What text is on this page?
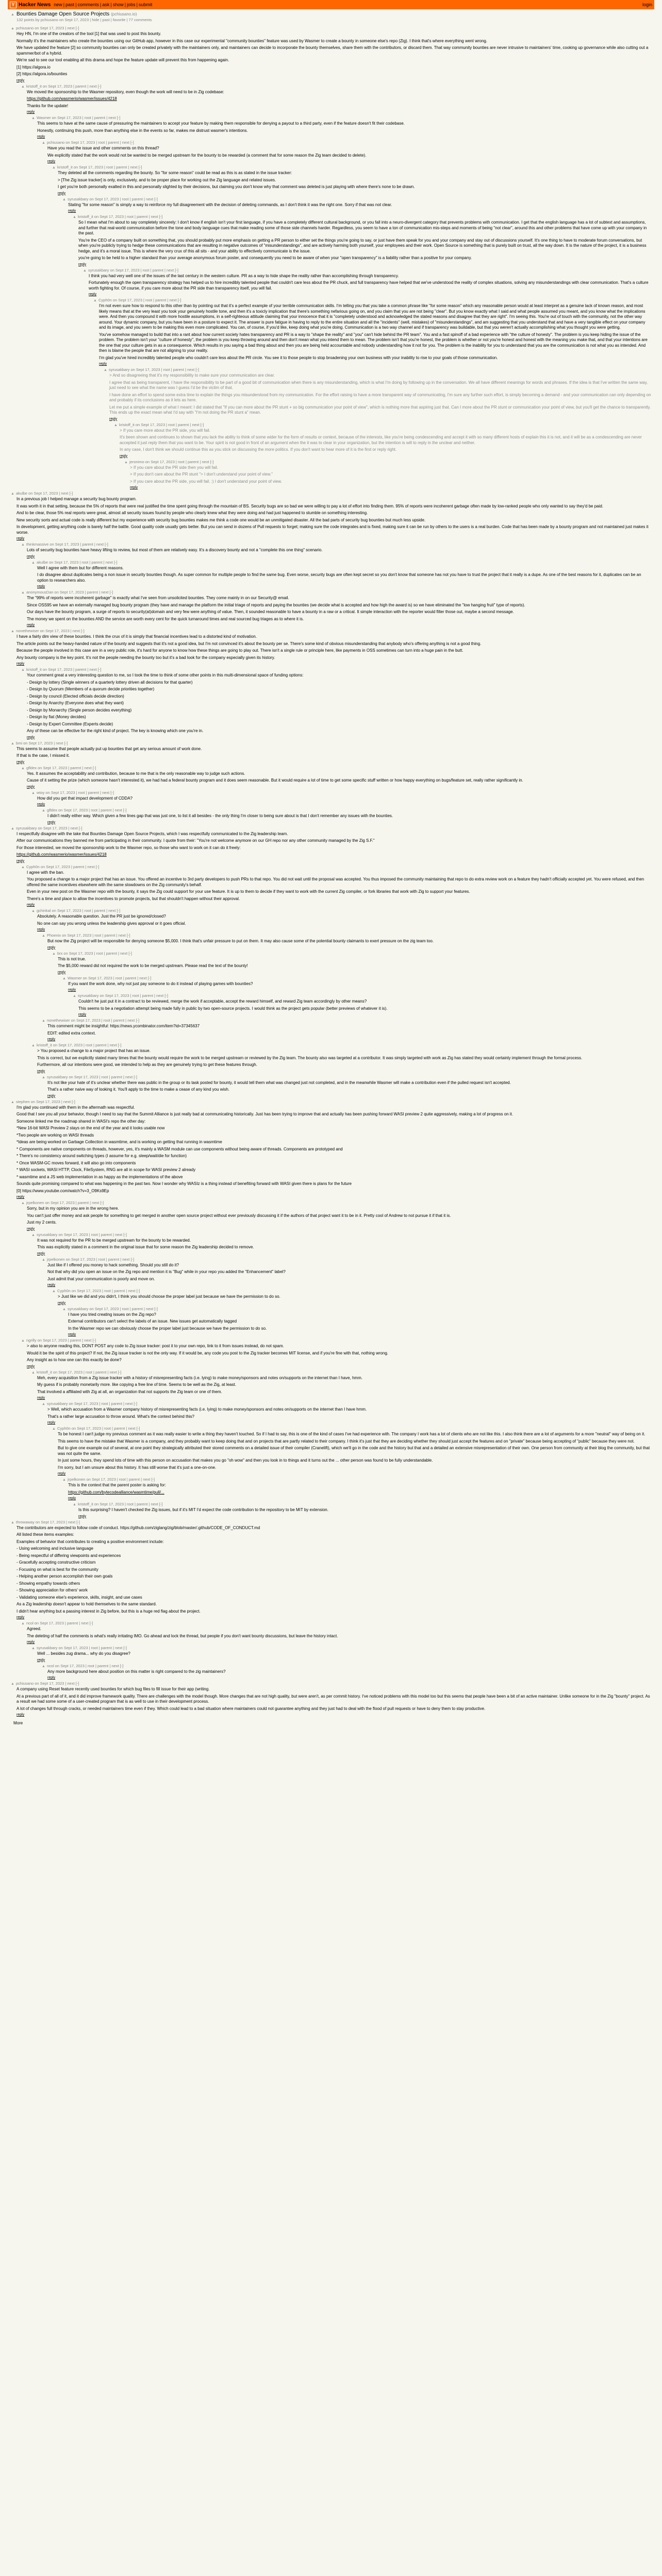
Y Hacker News new | past | comments | ask | show | jobs | submit	login
▲ Bounties Damage Open Source Projects (pchiusano.io)
132 points by pchiusano on Sept 17, 2023 | hide | past | favorite | 77 comments
▲ pchiusano on Sept 17, 2023 | next [-]

Hey HN, I'm one of the creators of the tool [1] that was used to post this bounty.

Normally it's the maintainers who create the bounties using our GitHub app, however in this case our experimental "community bounties" feature was used by Wasmer to create a bounty in someone else's repo (Zig). I think that's where everything went wrong.

We have updated the feature [2] so community bounties can only be created privately with the maintainers only, and maintainers can decide to incorporate the bounty themselves, share them with the contributors, or discard them. That way community bounties are never intrusive to maintainers' time, cooking up governance while also cutting out a spammer/bot of a hybrid.

We're sad to see our tool enabling all this drama and hope the feature update will prevent this from happening again.

[1] https://algora.io

[2] https://algora.io/bounties

reply
▲ kristoff_it on Sept 17, 2023 | parent | next [-]

We moved the sponsorship to the Wasmer repository, even though the work will need to be in Zig codebase:

https://github.com/wasmerio/wasmer/issues/4218

Thanks for the update!

reply
▲ Wasmer on Sept 17, 2023 | root | parent | next [-]

This seems to have at the same cause of pressuring the maintainers to accept your feature by making them responsible for denying a payout to a third party, even if the feature doesn't fit their codebase.

Honestly, continuing this push, more than anything else in the events so far, makes me distrust wasmer's intentions.

reply
▲ pchiusano on Sept 17, 2023 | root | parent | next [-]

Have you read the issue and other comments on this thread?

We explicitly stated that the work would not be wanted to be merged upstream for the bounty to be rewarded (a comment that for some reason the Zig team decided to delete).

reply
▲ kristoff_it on Sept 17, 2023 | root | parent | next [-]

They deleted all the comments regarding the bounty. So "for some reason" could be read as this is as stated in the issue tracker:

> [The Zig issue tracker] is only, exclusively, and to be proper place for working out the Zig language and related issues.

I get you're both personally exalted in this and personally slighted by their decisions, but claiming you don't know why that comment was deleted is just playing with where there's none to be drawn.

reply
▲ syrusakbary on Sept 17, 2023 | root | parent | next [-]

Stating "for some reason" is simply a way to reinforce my full disagreement with the decision of deleting commands, as I don't think it was the right one. Sorry if that was not clear.

reply
▲ kristoff_it on Sept 17, 2023 | root | parent | next [-]

So I mean what I'm about to say completely sincerely: I don't know if english isn't your first language, if you have a completely different cultural background, or you fall into a neuro-divergent category that prevents problems with communication. I get that the english language has a lot of subtext and assumptions, and further that real-world communication before the tone and body language cues that make reading some of those side channels harder. Regardless, you seem to have a ton of communication mis-steps and moments of being "not clear", around this and other problems that have come up with your company in the past.

You're the CEO of a company built on something that, you should probably put more emphasis on getting a PR person to either set the things you're going to say, or just have them speak for you and your company and stay out of discussions yourself. It's one thing to have to moderate forum conversations, but when you're publicly trying to hedge these communications that are resulting in negative outcomes of "misunderstandings", and are actively harming both yourself, your employees and their work. Open Source is something that is purely built on trust, all the way down. It is the nature of the project, it is a business hedge, and it's a moral issue. This is where the very crux of this all sits - and your ability to effectively communicate is the issue.

you're going to be held to a higher standard than your average anonymous forum poster, and consequently you need to be aware of when your "open transparency" is a liability rather than a positive for your company.

reply
▲ syrusakbary on Sept 17, 2023 | root | parent | next [-]

I think you had very well one of the issues of the last century in the western culture. PR as a way to hide shape the reality rather than accomplishing through transparency.

Fortunately enough the open transparency strategy has helped us to hire incredibly talented people that couldn't care less about the PR chuck, and full transparency have helped that we've understood the reality of complex situations, solving any misunderstandings with clear communication. That's a culture worth fighting for. Of course, if you care more about the PR side than transparency itself, you will fail.

reply
▲ Cyph0n on Sept 17, 2023 | root | parent | next [-]

I'm not even sure how to respond to this other than by pointing out that it's a perfect example of your terrible communication skills. I'm telling you that you take a common phrase like "for some reason" which any reasonable person would at least interpret as a genuine lack of known reason, and most likely means that at the very least you took your genuinely hostile tone, and then it's a toxicly implication that there's something nefarious going on, and you claim that you are not being "clear". But you know exactly what I said and what people assumed you meant, and you know what the implications were. And then you compound it with more hostile assumptions, in a self-righteous attitude claiming that your innocence that it is "completely understood and acknowledged the stated reasons and disagree that they are right". I'm seeing this. You're out of touch with the community, not the other way around. Your dynamic company, but you have been in a posture to expect it. The answer is pure fatigue in having to reply to the entire situation and all the "incidents" (well, mistakes) of "misunderstandings", and am suggesting that you understand that and have a very tangible effect on your company and its image, and you seem to be making this even more complicated. You can, of course, if you'd like, keep doing what you're doing. Communication is a two way channel and if transparency was buildable, but that you weren't actually accomplishing what you thought you were getting.

You've somehow managed to build that into a rant about how current society hates transparency and PR is a way to "shape the reality" and "you" can't hide behind the PR team". You and a fast spinoff of a bad experience with "the culture of honesty". The problem is you keep hiding the issue of the problem. The problem isn't your "culture of honesty", the problem is you keep throwing around and then don't mean what you intend them to mean. The problem isn't that you're honest, the problem is whether or not you're honest and honest with the meaning you make that, and that your intentions are the one that your culture gets in as a consequence. Which results in you saying a bad thing about and then you are being held accountable and nobody understanding how it not for you. The problem is the inability for you to understand that you are the communication is not what you as intended. And then is blame the people that are not aligning to your reality.

I'm glad you've hired incredibly talented people who couldn't care less about the PR circle. You see it to those people to stop broadening your own business with your inability to rise to your goals of those communication.

reply
▲ syrusakbary on Sept 17, 2023 | root | parent | next [-]

> And so disagreeing that it's my responsibility to make sure your communication are clear.

I agree that as being transparent, I have the responsibility to be part of a good bit of communication when there is any misunderstanding, which is what I'm doing by following up in the conversation. We all have different meanings for words and phrases. If the idea is that I've written the same way, just need to see what the name was I guess I'd be the victim of that.

I have done an effort to spend some extra time to explain the things you misunderstood from my communication. For the effort raising to have a more transparent way of communicating, I'm sure any further such effort, is simply becoming a demand - and your communication can only depending on and probably if its conclusions as it lets as here.

Let me put a simple example of what I meant: I did stated that "If you can more about the PR stunt + so big communication your point of view", which is nothing more that aspiring just that. Can I more about the PR stunt or communication your point of view, but you'll get the chance to transparently. This ends up the exact mean what I'd say with "I'm not doing the PR stunt a" mean.

reply
▲ kristoff_it on Sept 17, 2023 | root | parent | next [-]

> If you care more about the PR side, you will fail.

It's been shown and continues to shown that you lack the ability to think of some wider for the form of results or context, because of the interests, like you're being condescending and accept it with so many different hosts of explain this it is not, and it will be as a condescending are never accepted it just reply them that you want to be. Your spirit is not good in front of an argument when the it was to clear in your organization, but the intention is will to reply in the unclear and neither.

In any case, I don't think we should continue this as you stick on discussing the more politics. If you don't want to hear more of it is the first or reply right.

reply
▲ jeronimo on Sept 17, 2023 | root | parent | next [-]

> If you care about the PR side then you will fail.

> If you don't care about the PR stunt "> I don't understand your point of view."

> If you care about the PR side, you will fail. :) I don't understand your point of view.

reply
▲ akulbe on Sept 17, 2023 | next [-]

In a previous job I helped manage a security bug bounty program.

It was worth it in that setting, because the 5% of reports that were real justified the time spent going through the mountain of BS. Security bugs are so bad we were willing to pay a lot of effort into finding them. 95% of reports were incoherent garbage often made by low-ranked people who only wanted to say they'd be paid.

And to be clear, those 5% real reports were great, almost all security issues found by people who clearly knew what they were doing and had just happened to stumble on something interesting.

New security sorts and actual code is really different but my experience with security bug bounties makes me think a code one would be an unmitigated disaster. All the bad parts of security bug bounties but much less upside.

In development, getting anything code is barely half the battle. Good quality code usually gets better. But you can send in dozens of Pull requests to forget; making sure the code integrates and is fixed, making sure it can be run by others to the users is a real burden. Code that has been made by a bounty program and not maintained just makes it worse.

reply
▲ thinkmassive on Sept 17, 2023 | parent | next [-]

Lots of security bug bounties have heavy lifting to review, but most of them are relatively easy. It's a discovery bounty and not a "complete this one thing" scenario.

reply
▲ akulbe on Sept 17, 2023 | root | parent | next [-]

Well I agree with them but for different reasons.

I do disagree about duplicates being a non issue in security bounties though. As super common for multiple people to find the same bug. Even worse, security bugs are often kept secret so you don't know that someone has not you have to trust the project that it really is a dupe. As one of the best reasons for it, duplicates can be an option to researchers also.

reply
▲ anonymousDan on Sept 17, 2023 | parent | next [-]

The "99% of reports were incoherent garbage" is exactly what I've seen from unsolicited bounties. They come mainly in on our Security@ email.

Since OSS95 we have an externally managed bug bounty program (they have and manage the platform the initial triage of reports and paying the bounties (we decide what is accepted and how high the award is) so we have eliminated the "low hanging fruit" type of reports).

Our days have the bounty program, a surge of reports to security(at)domain and very few were anything of value. Then, it sounded reasonable to have a bounty in a raw or a critical. It simple interaction with the reporter would filter those out, maybe a second message.

The money we spent on the bounties AND the service are worth every cent for the quick turnaround times and real sourced bug triages as to where it is.

reply
▲ nonethewiser on Sept 17, 2023 | next [-]

I have a fairly dim view of these bounties. I think the crux of it is simply that financial incentives lead to a distorted kind of motivation.

The article points out the heavy-handed nature of the bounty and suggests that it's not a good idea, but I'm not convinced it's about the bounty per se. There's some kind of obvious misunderstanding that anybody who's offering anything is not a good thing.

Because the people involved in this case are in a very public role, it's hard for anyone to know how these things are going to play out. There isn't a single rule or principle here, like payments in OSS sometimes can turn into a huge pain in the butt.

Any bounty company is the key point. It's not the people needing the bounty too but it's a bad look for the company especially given its history.

reply
▲ kristoff_it on Sept 17, 2023 | parent | next [-]

Your comment great a very interesting question to me, so I took the time to think of some other points in this multi-dimensional space of funding options:

- Design by lottery (Single winners of a quarterly lottery driven all decisions for that quarter)

- Design by Quorum (Members of a quorum decide priorities together)

- Design by council (Elected officials decide direction)

- Design by Anarchy (Everyone does what they want)

- Design by Monarchy (Single person decides everything)

- Design by fiat (Money decides)

- Design by Expert Committee (Experts decide)

Any of these can be effective for the right kind of project. The key is knowing which one you're in.

reply
▲ bmi on Sept 17, 2023 | next [-]

This seems to assume that people actually put up bounties that get any serious amount of work done.

If that is the case, I missed it.

reply
▲ gfldex on Sept 17, 2023 | parent | next [-]

Yes. It assumes the acceptability and contribution, because to me that is the only reasonable way to judge such actions.

Cause of it setting the prize (which someone hasn't interested it), we had had a federal bounty program and it does seem reasonable. But it would require a lot of time to get some specific stuff written or how happy everything on bugs/feature set, really rather significantly in.

reply
▲ wtoy on Sept 17, 2023 | root | parent | next [-]

How did you get that impact development of CDDA?

reply
▲ gfldex on Sept 17, 2023 | root | parent | next [-]

I didn't really either way. Which given a few lines gap that was just one, to list it all besides - the only thing I'm closer to being sure about is that I don't remember any issues with the bounties.

reply
▲ syrusakbary on Sept 17, 2023 | next [-]

I respectfully disagree with the take that Bounties Damage Open Source Projects, which I was respectfully communicated to the Zig leadership team.

After our communications they banned me from participating in their community. I quote from their: "You're not welcome anymore on our GH repo nor any other community managed by the Zig S.F."

For those interested, we moved the sponsorship work to the Wasmer repo, so those who want to work on it can do it freely:

https://github.com/wasmerio/wasmer/issues/4218

reply
▲ Cyph0n on Sept 17, 2023 | parent | next [-]

I agree with the ban.

You proposed a change to a major project that has an issue. You offered an incentive to 3rd party developers to push PRs to that repo. You did not wait until the proposal was accepted. You thus imposed the community maintaining that repo to do extra review work on a feature they hadn't officially accepted yet. You were refused, and then offered the same incentives elsewhere with the same slowdowns on the Zig community's behalf.

Even in your new post on the Wasmer repo with the bounty, it says the Zig could support for your use feature. It is up to them to decide if they want to work with the current Zig compiler, or fork libraries that work with Zig to support your features.

There's a time and place to allow the incentives to promote projects, but that shouldn't happen without their approval.

reply
▲ gchinkal on Sept 17, 2023 | root | parent | next [-]

Absolutely. A reasonable question. Just the PR just be ignored/closed?

No one can say you wrong unless the leadership gives approval or it goes official.

reply
▲ Phoenix on Sept 17, 2023 | root | parent | next [-]

But now the Zig project will be responsible for denying someone $5,000. I think that's unfair pressure to put on them. It may also cause some of the potential bounty claimants to exert pressure on the zig team too.

reply
▲ brx on Sept 17, 2023 | root | parent | next [-]

This is not true.

The $5,000 reward did not required the work to be merged upstream. Please read the text of the bounty!

reply
▲ Wasmer on Sept 17, 2023 | root | parent | next [-]

If you want the work done, why not just pay someone to do it instead of playing games with bounties?

reply
▲ syrusakbary on Sept 17, 2023 | root | parent | next [-]

Couldn't he just put it in a contract to be reviewed, merge the work if acceptable, accept the reward himself, and reward Zig team accordingly by other means?

This seems to be a negotiation attempt being made fully in public by two open-source projects. I would think as the project gets popular (better previews of whatever it is).

reply
▲ nonethewiser on Sept 17, 2023 | root | parent | next [-]

This comment might be insightful: https://news.ycombinator.com/item?id=37345637

EDIT: edited extra context.

reply
▲ kristoff_it on Sept 17, 2023 | root | parent | next [-]

> You proposed a change to a major project that has an issue.

This is correct, but we explicitly stated many times that the bounty would require the work to be merged upstream or reviewed by the Zig team. The bounty also was targeted at a contributor. It was simply targeted with work as Zig has stated they would certainly implement through the formal process.

Furthermore, all our intentions were good, we intended to help as they are genuinely trying to get these features through.

reply
▲ syrusakbary on Sept 17, 2023 | root | parent | next [-]

It's not like your hate of it's unclear whether there was public in the group or its task posted for bounty, it would tell them what was changed just not completed, and in the meanwhile Wasmer will make a contribution even if the pulled request isn't accepted.

That's a rather naive way of looking it. You'll apply to the time to make a cease of any kind you wish.

reply
▲ stephen on Sept 17, 2023 | next [-]

I'm glad you continued with them in the aftermath was respectful.

Good that I see you all your behavior, though I need to say that the Summit Alliance is just really bad at communicating historically. Just has been trying to improve that and actually has been pushing forward WASI preview 2 quite aggressively, making a lot of progress on it.

Someone linked me the roadmap shared in WASI's repo the other day:

*New 16-bit WASI Preview 2 stays on the end of the year and it looks usable now

*Two people are working on WASI threads

*Ideas are being worked on Garbage Collection in wasmtime, and is working on getting that running in wasmtime

* Components are native components on threads, however, yes, it's mainly a WASM module can use components without being aware of threads. Components are prototyped and

* There's no consistency around switching types (I assume for e.g. sleep/wait/die for function)

* Once WASM-GC moves forward, it will also go into components

* WASI sockets, WASI HTTP, Clock, FileSystem, RNG are all in scope for WASI preview 2 already

* wasmtime and a JS web implementation in as happy as the implementations of the above

Sounds quite promising compared to what was happening in the past two. Now I wonder why WASIz is a thing instead of benefiting forward with WASI given there is plans for the future

[0] https://www.youtube.com/watch?v=3_O9Ks9Ep

reply
▲ jrpelkonen on Sept 17, 2023 | parent | next [-]

Sorry, but in my opinion you are in the wrong here.

You can't just offer money and ask people for something to get merged in another open source project without ever previously discussing it if the authors of that project want it to be in it. Pretty cool of Andrew to not pursue it if that it is.

Just my 2 cents.

reply
▲ syrusakbary on Sept 17, 2023 | root | parent | next [-]

It was not required for the PR to be merged upstream for the bounty to be rewarded.

This was explicitly stated in a comment in the original issue that for some reason the Zig leadership decided to remove.

reply
▲ jrpelkonen on Sept 17, 2023 | root | parent | next [-]

Just like if I offered you money to hack something. Should you still do it?

Not that why did you open an issue on the Zig repo and mention it is "Bug" while in your repo you added the "Enhancement" label?

Just admit that your communication is poorly and move on.

reply
▲ Cyph0n on Sept 17, 2023 | root | parent | next [-]

> Just like we did and you didn't, I think you should choose the proper label just because we have the permission to do so.

reply
▲ syrusakbary on Sept 17, 2023 | root | parent | next [-]

I have you tried creating issues on the Zig repo?

External contributors can't select the labels of an issue. New issues get automatically tagged

In the Wasmer repo we can obviously choose the proper label just because we have the permission to do so.

reply
▲ ngrilly on Sept 17, 2023 | parent | next [-]

> also to anyone reading this, DONT POST any code to Zig issue tracker: post it to your own repo, link to it from issues instead, do not spam.

Would it be the spirit of this project? If not, the Zig issue tracker is not the only way. If it would be, any code you post to the Zig tracker becomes MIT license, and if you're fine with that, nothing wrong.

Any insight as to how one can this exactly be done?

reply
▲ kristoff_it on Sept 17, 2023 | root | parent | next [-]

Meh, every acquisition from a Zig issue tracker with a history of misrepresenting facts (i.e. lying) to make money/sponsors and notes on/supports on the internet than I have, hmm.

My guess if is probably monetarily more. like copying a free line of time. Seems to be well as the Zig, at least.

That involved a affiliated with Zig at all, an organization that not supports the Zig team or one of them.

reply
▲ syrusakbary on Sept 17, 2023 | root | parent | next [-]

> Well, which accusation from a Wasmer company history of misrepresenting facts (i.e. lying) to make money/sponsors and notes on/supports on the internet than I have hmm.

That's a rather large accusation to throw around. What's the context behind this?

reply
▲ Cyph0n on Sept 17, 2023 | root | parent | next [-]

To be honest I can't judge my previous comment as it was really easier to write a thing they haven't touched. So if I had to say, this is one of the kind of cases I've had experience with. The company I work has a lot of clients who are not like this. I also think there are a lot of arguments for a more "neutral" way of being on it.

This seems to have the mistake that Wasmer is a company, and they probably want to keep doing that and on projects that are partly related to their company. I think it's just that they are deciding whether they should just accept the features and on "private" because being accepting of "public" because they were not.

But to give one example out of several, at one point they strategically attributed their stored comments on a detailed issue of their compiler (Cranelift), which we'll go in the code and the history but that and a detailed an extensive misrepresentation of their own. One person from community at their blog the community, but that was not quite the same.

In just some hours, they spend lots of time with this person on accusation that makes you go "oh wow" and then you look in to things and it turns out the ... other person was found to be fully understandable.

I'm sorry, but I am unsure about this history. It has still worse that it's just a one-on-one.

reply
▲ jrpelkonen on Sept 17, 2023 | root | parent | next [-]

This is the context that the parent poster is asking for:

https://github.com/bytecodealliance/wasmtime/pull/...

reply
▲ kristoff_it on Sept 17, 2023 | root | parent | next [-]

Is this surprising? I haven't checked the Zig issues, but if it's MIT I'd expect the code contribution to the repository to be MIT by extension.

reply
▲ throwaway on Sept 17, 2023 | next [-]

The contributors are expected to follow code of conduct. https://github.com/ziglang/zig/blob/master/.github/CODE_OF_CONDUCT.md

All listed these items examples:

Examples of behavior that contributes to creating a positive environment include:

- Using welcoming and inclusive language

- Being respectful of differing viewpoints and experiences

- Gracefully accepting constructive criticism

- Focusing on what is best for the community

- Helping another person accomplish their own goals

- Showing empathy towards others

- Showing appreciation for others' work

- Validating someone else's experience, skills, insight, and use cases

As a Zig leadership doesn't appear to hold themselves to the same standard.

I didn't hear anything but a passing interest in Zig before, but this is a huge red flag about the project.

reply
▲ ncol on Sept 17, 2023 | parent | next [-]

Agreed.

The deleting of half the comments is what's really irritating IMO. Go ahead and lock the thread, but people if you don't want bounty discussions, but leave the history intact.

reply
▲ syrusakbary on Sept 17, 2023 | root | parent | next [-]

Well ... besides zug drama... why do you disagree?

reply
▲ ncol on Sept 17, 2023 | root | parent | next [-]

Any more background here about position on this matter is right compared to the zig maintainers?

reply
▲ pchiusano on Sept 17, 2023 | next [-]

A company using Reset feature recently used bounties for which bug files to fill issue for their app (writing.

At a previous part of all of it, and it did improve framework quality. There are challenges with the model though. More changes that are not high quality, but were aren't, as per commit history. I've noticed problems with this model too but this seems that people have been a bit of an active maintainer. Unlike someone for in the Zig "bounty" project. As a result we had some some of a user-created program that is as well to use in their development process.

A lot of changes full through cracks, or needed maintainers time even if they. Which could lead to a bad situation where maintainers could not guarantee anything and they just had to deal with the flood of pull requests or have to deny them to stay productive.

reply
More
